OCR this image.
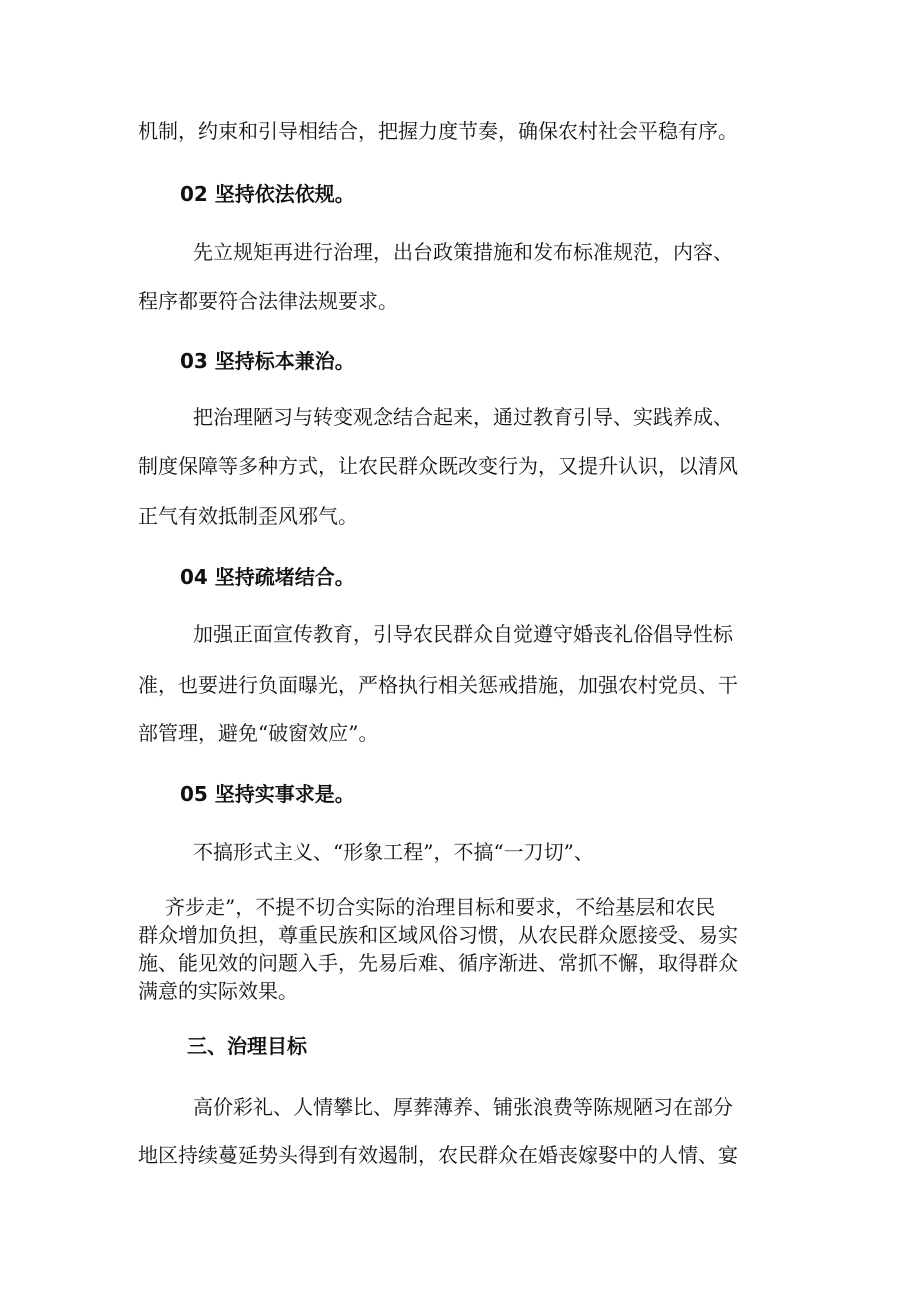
机制，约束和引导相结合，把握力度节奏，确保农村社会平稳有序。
02 坚持依法依规。
先立规矩再进行治理，出台政策措施和发布标准规范，内容、
程序都要符合法律法规要求。
03 坚持标本兼治。
把治理陋习与转变观念结合起来，通过教育引导、实践养成、
制度保障等多种方式，让农民群众既改变行为，又提升认识，以清风
正气有效抵制歪风邪气。
04 坚持疏堵结合。
加强正面宣传教育，引导农民群众自觉遵守婚丧礼俗倡导性标
准，也要进行负面曝光，严格执行相关惩戒措施，加强农村党员、干
部管理，避免“破窗效应”。
05 坚持实事求是。
不搞形式主义、“形象工程”，不搞“一刀切”、
齐步走”，不提不切合实际的治理目标和要求，不给基层和农民
群众增加负担，尊重民族和区域风俗习惯，从农民群众愿接受、易实
施、能见效的问题入手，先易后难、循序渐进、常抓不懈，取得群众
满意的实际效果。
三、治理目标
高价彩礼、人情攀比、厚葬薄养、铺张浪费等陈规陋习在部分
地区持续蔓延势头得到有效遏制，农民群众在婚丧嫁娶中的人情、宴
